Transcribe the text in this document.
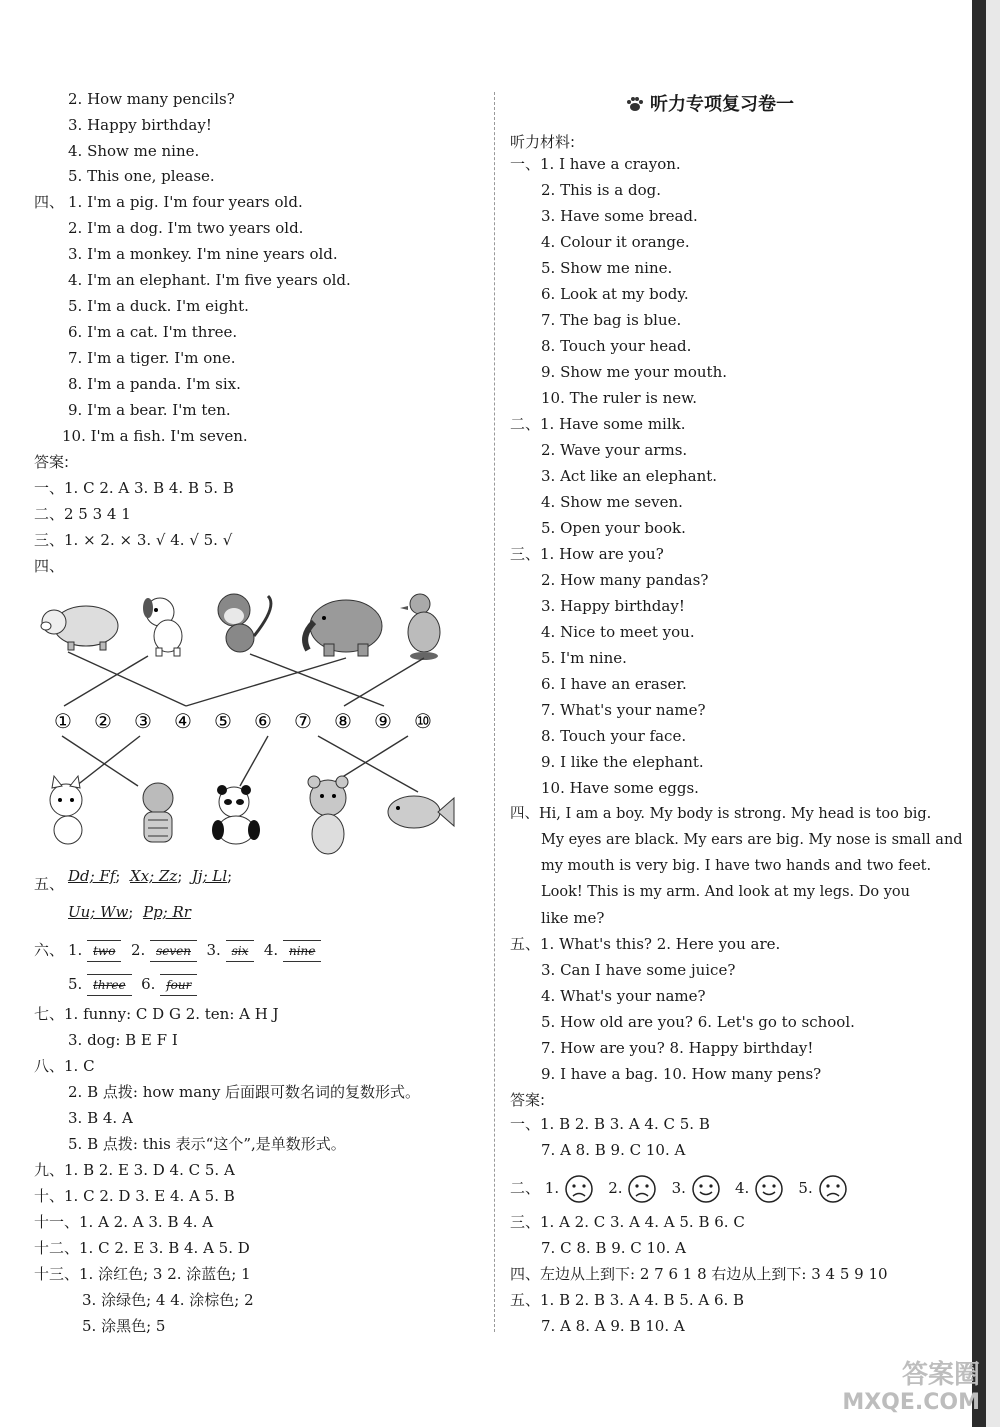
2. How many pencils?
3. Happy birthday!
4. Show me nine.
5. This one, please.
四、 1. I'm a pig. I'm four years old.
2. I'm a dog. I'm two years old.
3. I'm a monkey. I'm nine years old.
4. I'm an elephant. I'm five years old.
5. I'm a duck. I'm eight.
6. I'm a cat. I'm three.
7. I'm a tiger. I'm one.
8. I'm a panda. I'm six.
9. I'm a bear. I'm ten.
10. I'm a fish. I'm seven.
答案:
一、1. C 2. A 3. B 4. B 5. B
二、2 5 3 4 1
三、1. × 2. × 3. √ 4. √ 5. √
四、
① ② ③ ④ ⑤ ⑥ ⑦ ⑧ ⑨ ⑩
五、 Dd; Ff;  Xx; Zz;  Jj; Ll;
Uu; Ww;  Pp; Rr
六、 1. two 2. seven 3. six 4. nine
5. three 6. four
七、1. funny: C D G 2. ten: A H J
3. dog: B E F I
八、1. C
2. B 点拨: how many 后面跟可数名词的复数形式。
3. B 4. A
5. B 点拨: this 表示“这个”,是单数形式。
九、1. B 2. E 3. D 4. C 5. A
十、1. C 2. D 3. E 4. A 5. B
十一、1. A 2. A 3. B 4. A
十二、1. C 2. E 3. B 4. A 5. D
十三、1. 涂红色; 3 2. 涂蓝色; 1
3. 涂绿色; 4 4. 涂棕色; 2
5. 涂黑色; 5
听力专项复习卷一
听力材料:
一、1. I have a crayon.
2. This is a dog.
3. Have some bread.
4. Colour it orange.
5. Show me nine.
6. Look at my body.
7. The bag is blue.
8. Touch your head.
9. Show me your mouth.
10. The ruler is new.
二、1. Have some milk.
2. Wave your arms.
3. Act like an elephant.
4. Show me seven.
5. Open your book.
三、1. How are you?
2. How many pandas?
3. Happy birthday!
4. Nice to meet you.
5. I'm nine.
6. I have an eraser.
7. What's your name?
8. Touch your face.
9. I like the elephant.
10. Have some eggs.
四、Hi, I am a boy. My body is strong. My head is too big.
My eyes are black. My ears are big. My nose is small and
my mouth is very big. I have two hands and two feet.
Look! This is my arm. And look at my legs. Do you
like me?
五、1. What's this? 2. Here you are.
3. Can I have some juice?
4. What's your name?
5. How old are you? 6. Let's go to school.
7. How are you? 8. Happy birthday!
9. I have a bag. 10. How many pens?
答案:
一、1. B 2. B 3. A 4. C 5. B
7. A 8. B 9. C 10. A
二、 1.	2.	3.	4.	5.
三、1. A 2. C 3. A 4. A 5. B 6. C
7. C 8. B 9. C 10. A
四、左边从上到下: 2 7 6 1 8 右边从上到下: 3 4 5 9 10
五、1. B 2. B 3. A 4. B 5. A 6. B
7. A 8. A 9. B 10. A
答案圈
MXQE.COM
